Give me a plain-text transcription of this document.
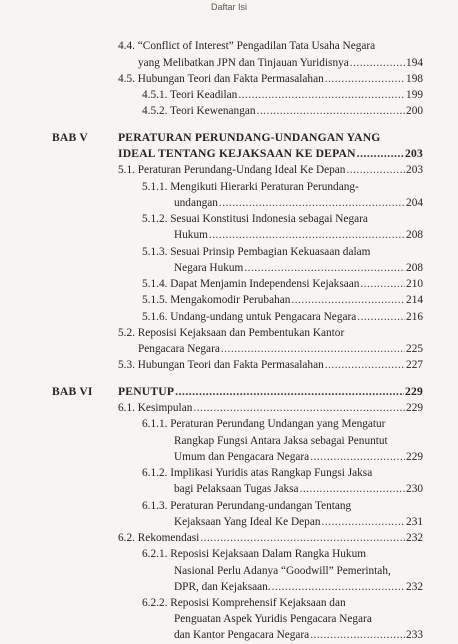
Daftar Isi
4.4. “Conflict of Interest” Pengadilan Tata Usaha Negara
yang Melibatkan JPN dan Tinjauan Yuridisnya .....	194
4.5. Hubungan Teori dan Fakta Permasalahan .....	198
4.5.1. Teori Keadilan .....	199
4.5.2. Teori Kewenangan .....	200
BAB V	PERATURAN PERUNDANG-UNDANGAN YANG
IDEAL TENTANG KEJAKSAAN KE DEPAN .....	203
5.1. Peraturan Perundang-Undang Ideal Ke Depan .....	203
5.1.1. Mengikuti Hierarki Peraturan Perundang-
undangan .....	204
5.1.2. Sesuai Konstitusi Indonesia sebagai Negara
Hukum .....	208
5.1.3. Sesuai Prinsip Pembagian Kekuasaan dalam
Negara Hukum .....	208
5.1.4. Dapat Menjamin Independensi Kejaksaan .....	210
5.1.5. Mengakomodir Perubahan .....	214
5.1.6. Undang-undang untuk Pengacara Negara .....	216
5.2. Reposisi Kejaksaan dan Pembentukan Kantor
Pengacara Negara .....	225
5.3. Hubungan Teori dan Fakta Permasalahan .....	227
BAB VI PENUTUP .....	229
6.1. Kesimpulan .....	229
6.1.1. Peraturan Perundang Undangan yang Mengatur
Rangkap Fungsi Antara Jaksa sebagai Penuntut
Umum dan Pengacara Negara .....	229
6.1.2. Implikasi Yuridis atas Rangkap Fungsi Jaksa
bagi Pelaksaan Tugas Jaksa .....	230
6.1.3. Peraturan Perundang-undangan Tentang
Kejaksaan Yang Ideal Ke Depan .....	231
6.2. Rekomendasi .....	232
6.2.1. Reposisi Kejaksaan Dalam Rangka Hukum
Nasional Perlu Adanya “Goodwill” Pemerintah,
DPR, dan Kejaksaan. .....	232
6.2.2. Reposisi Komprehensif Kejaksaan dan
Penguatan Aspek Yuridis Pengacara Negara
dan Kantor Pengacara Negara .....	233
